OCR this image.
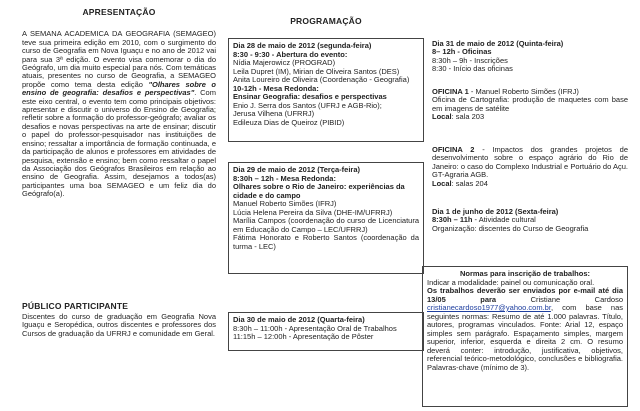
APRESENTAÇÃO

A SEMANA ACADEMICA DA GEOGRAFIA (SEMAGEO) teve sua primeira edição em 2010, com o surgimento do curso de Geografia em Nova Iguaçu e no ano de 2012 vai para sua 3ª edição. O evento visa comemorar o dia do Geógrafo, um dia muito especial para nós. Com temáticas atuais, presentes no curso de Geografia, a SEMAGEO propõe como tema desta edição "Olhares sobre o ensino de geografia: desafios e perspectivas". Com este eixo central, o evento tem como principais objetivos: apresentar e discutir o universo do Ensino de Geografia; refletir sobre a formação do professor-geógrafo; avaliar os desafios e novas perspectivas na arte de ensinar; discutir o papel do professor-pesquisador nas instituições de ensino; ressaltar a importância de formação continuada, e da participação de alunos e professores em atividades de pesquisa, extensão e ensino; bem como ressaltar o papel da Associação dos Geógrafos Brasileiros em relação ao ensino de Geografia. Assim, desejamos a todos(as) participantes uma boa SEMAGEO e um feliz dia do Geógrafo(a).

PÚBLICO PARTICIPANTE

Discentes do curso de graduação em Geografia Nova Iguaçu e Seropédica, outros discentes e professores dos Cursos de graduação da UFRRJ e comunidade em Geral.

PROGRAMAÇÃO

Dia 28 de maio de 2012 (segunda-feira)

8:30 - 9:30 - Abertura do evento:

Nídia Majerowicz (PROGRAD)

Leila Dupret (IM), Mirian de Oliveira Santos (DES)

Anita Loureiro de Oliveira (Coordenação - Geografia)

10-12h - Mesa Redonda:

Ensinar Geografia: desafios e perspectivas

Enio J. Serra dos Santos (UFRJ e AGB-Rio);

Jerusa Vilhena (UFRRJ)

Edileuza Dias de Queiroz (PIBID)

Dia 29 de maio de 2012 (Terça-feira)

8:30h – 12h - Mesa Redonda:

Olhares sobre o Rio de Janeiro: experiências da cidade e do campo

Manuel Roberto Simões (IFRJ)

Lúcia Helena Pereira da Silva (DHE-IM/UFRRJ)

Marília Campos (coordenação do curso de Licenciatura em Educação do Campo – LEC/UFRRJ)

Fátima Honorato e Roberto Santos (coordenação da turma - LEC)

Dia 30 de maio de 2012 (Quarta-feira)

8:30h – 11:00h - Apresentação Oral de Trabalhos

11:15h – 12:00h - Apresentação de Pôster

Dia 31 de maio de 2012 (Quinta-feira)

8– 12h - Oficinas

8:30h – 9h - Inscrições

8:30 - Início das oficinas

OFICINA 1 - Manuel Roberto Simões (IFRJ)

Oficina de Cartografia: produção de maquetes com base em imagens de satélite

Local: sala 203

OFICINA 2 - Impactos dos grandes projetos de desenvolvimento sobre o espaço agrário do Rio de Janeiro: o caso do Complexo Industrial e Portuário do Açu. GT-Agraria AGB.

Local: salas 204

Dia 1 de junho de 2012 (Sexta-feira)

8:30h – 11h - Atividade cultural

Organização: discentes do Curso de Geografia

Normas para inscrição de trabalhos:

Indicar a modalidade: painel ou comunicação oral.

Os trabalhos deverão ser enviados por e-mail até dia 13/05 para Cristiane Cardoso cristianecardoso1977@yahoo.com.br, com base nas seguintes normas: Resumo de até 1.000 palavras. Título, autores, programas vinculados. Fonte: Arial 12, espaço simples sem parágrafo. Espaçamento simples, margem superior, inferior, esquerda e direita 2 cm. O resumo deverá conter: introdução, justificativa, objetivos, referencial teórico-metodológico, conclusões e bibliografia. Palavras-chave (mínimo de 3).
